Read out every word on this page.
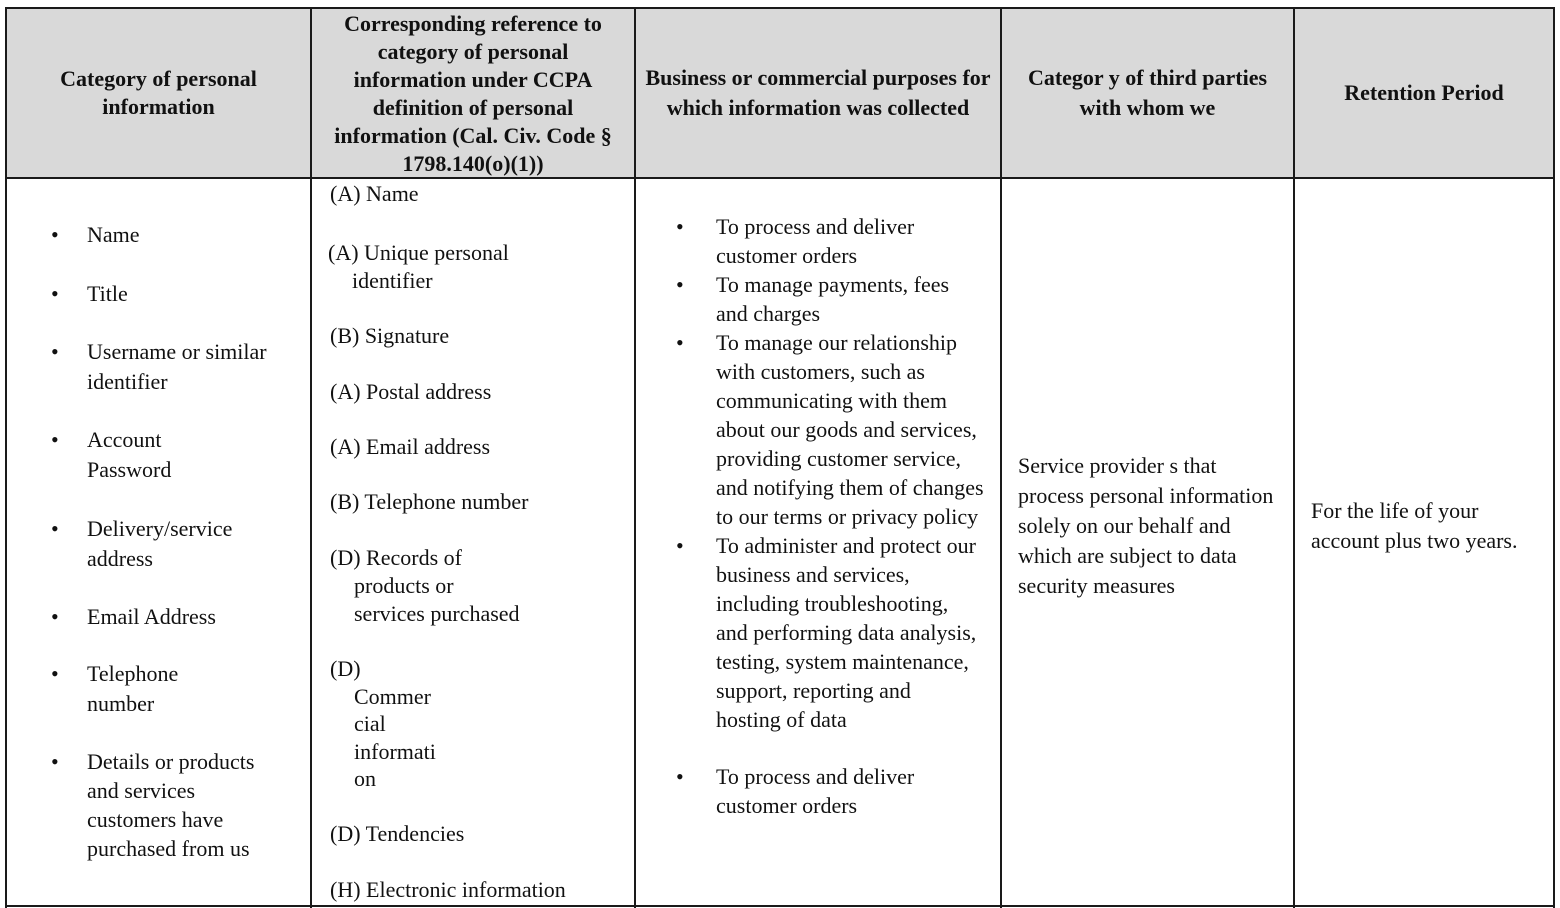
Category of personal information
Corresponding reference to category of personal information under CCPA definition of personal information (Cal. Civ. Code § 1798.140(o)(1))
Business or commercial purposes for which information was collected
Categor y of third parties with whom we
Retention Period
• Name
• Title
• Username or similar identifier
• Account Password
• Delivery/service address
• Email Address
• Telephone number
• Details or products and services customers have purchased from us
(A) Name
(A) Unique personal
identifier
(B) Signature
(A) Postal address
(A) Email address
(B) Telephone number
(D) Records of
products or
services purchased
(D)
Commer
cial
informati
on
(D) Tendencies
(H) Electronic information
• To process and deliver customer orders
• To manage payments, fees and charges
• To manage our relationship with customers, such as communicating with them about our goods and services, providing customer service, and notifying them of changes to our terms or privacy policy
• To administer and protect our business and services, including troubleshooting, and performing data analysis, testing, system maintenance, support, reporting and hosting of data
• To process and deliver customer orders
Service provider s that process personal information solely on our behalf and which are subject to data security measures
For the life of your account plus two years.
